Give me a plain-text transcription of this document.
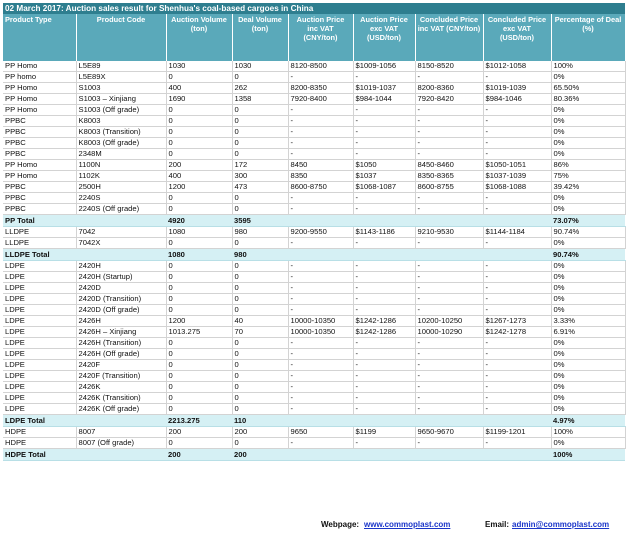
02 March 2017: Auction sales result for Shenhua's coal-based cargoes in China								
Product Type	Product Code	Auction Volume (ton)	Deal Volume (ton)	Auction Price inc VAT (CNY/ton)	Auction Price exc VAT (USD/ton)	Concluded Price inc VAT (CNY/ton)	Concluded Price exc VAT (USD/ton)	Percentage of Deal (%)
PP Homo	L5E89	1030	1030	8120-8500	$1009-1056	8150-8520	$1012-1058	100%
PP homo	L5E89X	0	0	-	-	-	-	0%
PP Homo	S1003	400	262	8200-8350	$1019-1037	8200-8360	$1019-1039	65.50%
PP Homo	S1003 – Xinjiang	1690	1358	7920-8400	$984-1044	7920-8420	$984-1046	80.36%
PP Homo	S1003 (Off grade)	0	0	-	-	-	-	0%
PPBC	K8003	0	0	-	-	-	-	0%
PPBC	K8003 (Transition)	0	0	-	-	-	-	0%
PPBC	K8003 (Off grade)	0	0	-	-	-	-	0%
PPBC	2348M	0	0	-	-	-	-	0%
PP Homo	1100N	200	172	8450	$1050	8450-8460	$1050-1051	86%
PP Homo	1102K	400	300	8350	$1037	8350-8365	$1037-1039	75%
PPBC	2500H	1200	473	8600-8750	$1068-1087	8600-8755	$1068-1088	39.42%
PPBC	2240S	0	0	-	-	-	-	0%
PPBC	2240S (Off grade)	0	0	-	-	-	-	0%
PP Total		4920	3595					73.07%
LLDPE	7042	1080	980	9200-9550	$1143-1186	9210-9530	$1144-1184	90.74%
LLDPE	7042X	0	0	-	-	-	-	0%
LLDPE Total		1080	980					90.74%
LDPE	2420H	0	0	-	-	-	-	0%
LDPE	2420H (Startup)	0	0	-	-	-	-	0%
LDPE	2420D	0	0	-	-	-	-	0%
LDPE	2420D (Transition)	0	0	-	-	-	-	0%
LDPE	2420D (Off grade)	0	0	-	-	-	-	0%
LDPE	2426H	1200	40	10000-10350	$1242-1286	10200-10250	$1267-1273	3.33%
LDPE	2426H – Xinjiang	1013.275	70	10000-10350	$1242-1286	10000-10290	$1242-1278	6.91%
LDPE	2426H (Transition)	0	0	-	-	-	-	0%
LDPE	2426H (Off grade)	0	0	-	-	-	-	0%
LDPE	2420F	0	0	-	-	-	-	0%
LDPE	2420F (Transition)	0	0	-	-	-	-	0%
LDPE	2426K	0	0	-	-	-	-	0%
LDPE	2426K (Transition)	0	0	-	-	-	-	0%
LDPE	2426K (Off grade)	0	0	-	-	-	-	0%
LDPE Total		2213.275	110					4.97%
HDPE	8007	200	200	9650	$1199	9650-9670	$1199-1201	100%
HDPE	8007 (Off grade)	0	0	-	-	-	-	0%
HDPE Total		200	200					100%
Webpage: www.commoplast.com	Email: admin@commoplast.com
